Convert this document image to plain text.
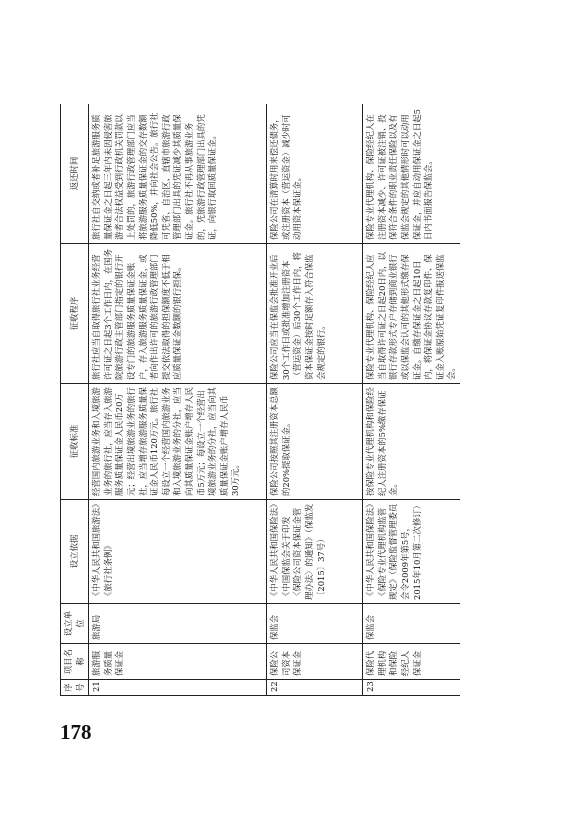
178
序号	项目名称	设立单位	设立依据	征收标准	征收程序	返还时间
21	旅游服务质量保证金	旅游局	《中华人民共和国旅游法》《旅行社条例》	经营国内旅游业务和入境旅游业务的旅行社，应当存入旅游服务质量保证金人民币20万元；经营出境旅游业务的旅行社，应当增存旅游服务质量保证金人民币120万元。旅行社每设立一个经营国内旅游业务和入境旅游业务的分社，应当向其质量保证金账户增存人民币5万元；每设立一个经营出境旅游业务的分社，应当向其质量保证金账户增存人民币30万元。	旅行社应当自取得旅行社业务经营许可证之日起3个工作日内，在国务院旅游行政主管部门指定的银行开设专门的旅游服务质量保证金账户，存入旅游服务质量保证金，或者向作出许可的旅游行政管理部门提交依法取得的担保额度不低于相应质量保证金数额的银行担保。	旅行社自交纳或者补足旅游服务质量保证金之日起三年内未因侵害旅游者合法权益受到行政机关罚款以上处罚的，旅游行政管理部门应当将旅游服务质量保证金的交存数额降低50%，并向社会公告。旅行社可凭省、自治区、直辖市旅游行政管理部门出具的凭证减少其质量保证金。旅行社不再从事旅游业务的，凭旅游行政管理部门出具的凭证，向银行取回质量保证金。
22	保险公司资本保证金	保监会	《中华人民共和国保险法》《中国保监会关于印发〈保险公司资本保证金管理办法〉的通知》（保监发〔2015〕37号）	保险公司按照其注册资本总额的20%提取保证金。	保险公司应当在保监会批准开业后30个工作日或批准增加注册资本（营运资金）后30个工作日内，将资本保证金按时足额存入符合保监会规定的银行。	保险公司在清算时用来偿还债务，或注册资本（营运资金）减少时可动用资本保证金。
23	保险代理机构和保险经纪人保证金	保监会	《中华人民共和国保险法》《保险专业代理机构监管规定》（保险监督管理委员会令2009年第5号，2015年10月第二次修订）	按保险专业代理机构和保险经纪人注册资本的5%缴存保证金。	保险专业代理机构、保险经纪人应当自取得许可证之日起20日内，以银行存款形式专户存储到商业银行或以保监会认可的其他形式缴存保证金。自缴存保证金之日起10日内，将保证金协议存款复印件、保证金入账原始凭证复印件报送保监会。	保险专业代理机构、保险经纪人在注册资本减少、许可证被注销、投保符合条件的职业责任保险以及有保监会规定的其他情形时可以动用保证金，并应自动用保证金之日起5日内书面报告保监会。
